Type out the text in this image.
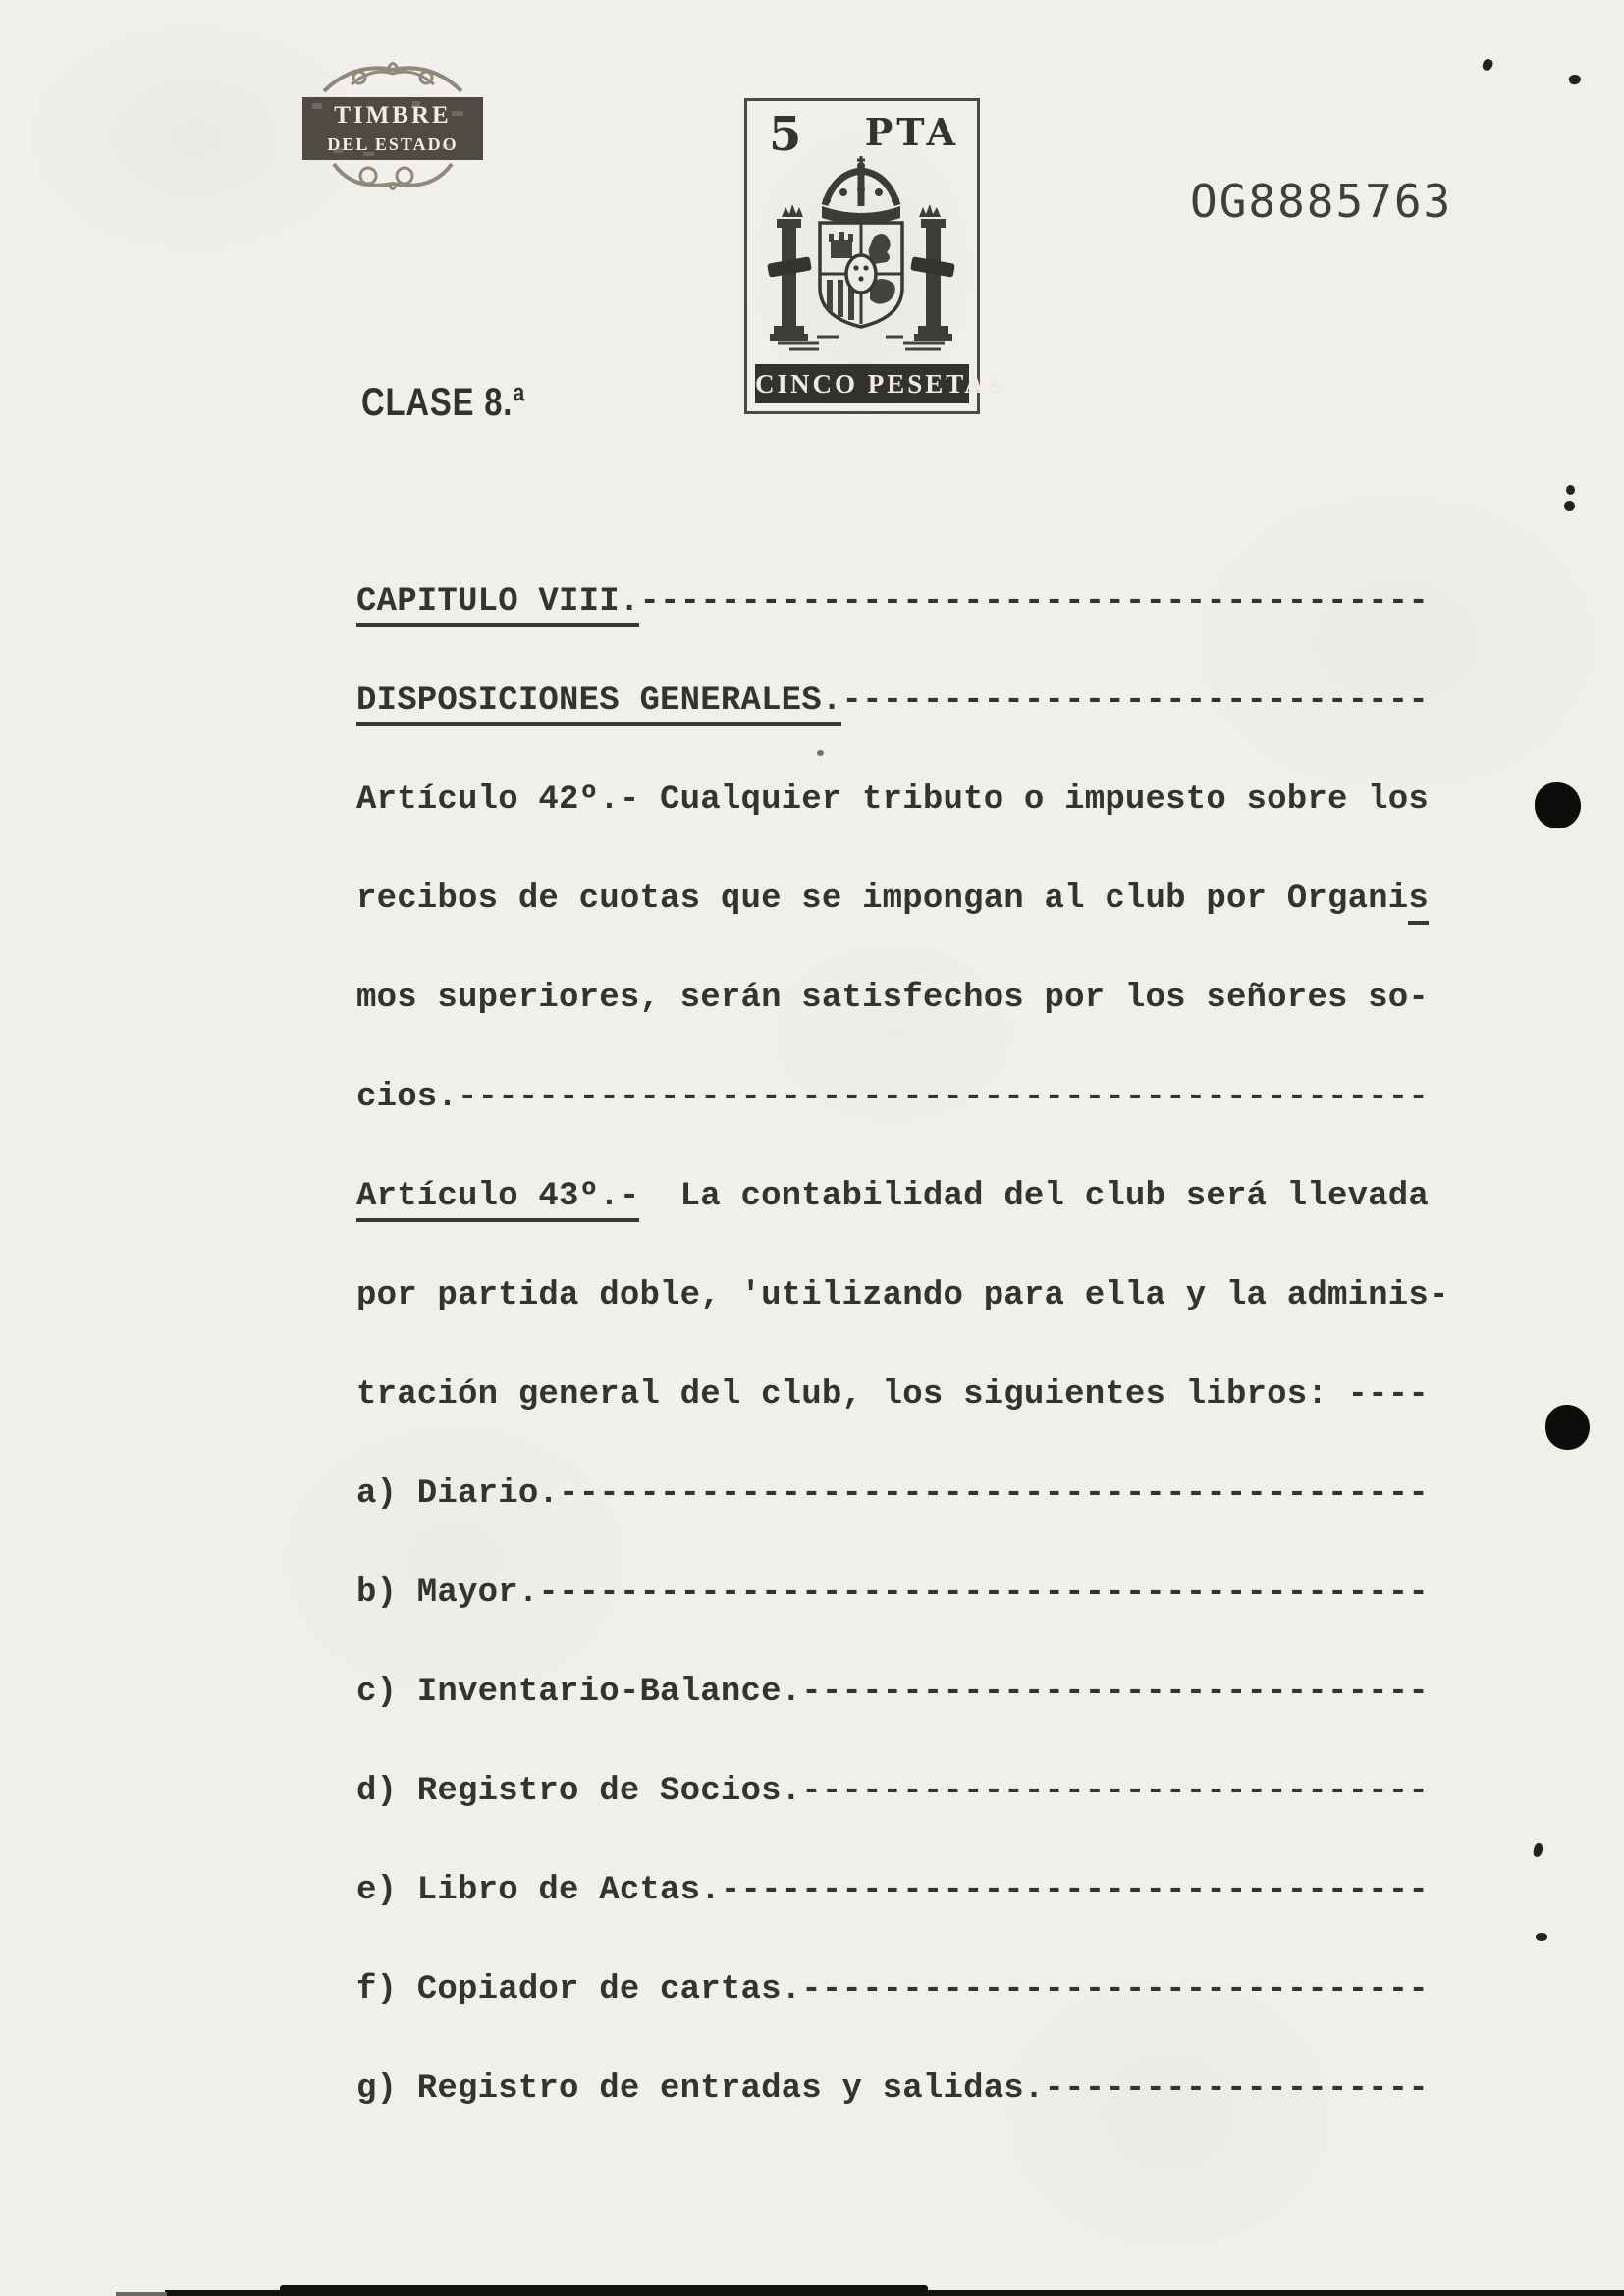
TIMBRE
DEL ESTADO	5 PTA
CINCO PESETAS
OG8885763
CLASE 8.ª
CAPITULO VIII.---------------------------------------
DISPOSICIONES GENERALES.-----------------------------
Artículo 42º.- Cualquier tributo o impuesto sobre los
recibos de cuotas que se impongan al club por Organis
mos superiores, serán satisfechos por los señores so-
cios.------------------------------------------------
Artículo 43º.-  La contabilidad del club será llevada
por partida doble, 'utilizando para ella y la adminis-
tración general del club, los siguientes libros: ----
a) Diario.-------------------------------------------
b) Mayor.--------------------------------------------
c) Inventario-Balance.-------------------------------
d) Registro de Socios.-------------------------------
e) Libro de Actas.-----------------------------------
f) Copiador de cartas.-------------------------------
g) Registro de entradas y salidas.-------------------
